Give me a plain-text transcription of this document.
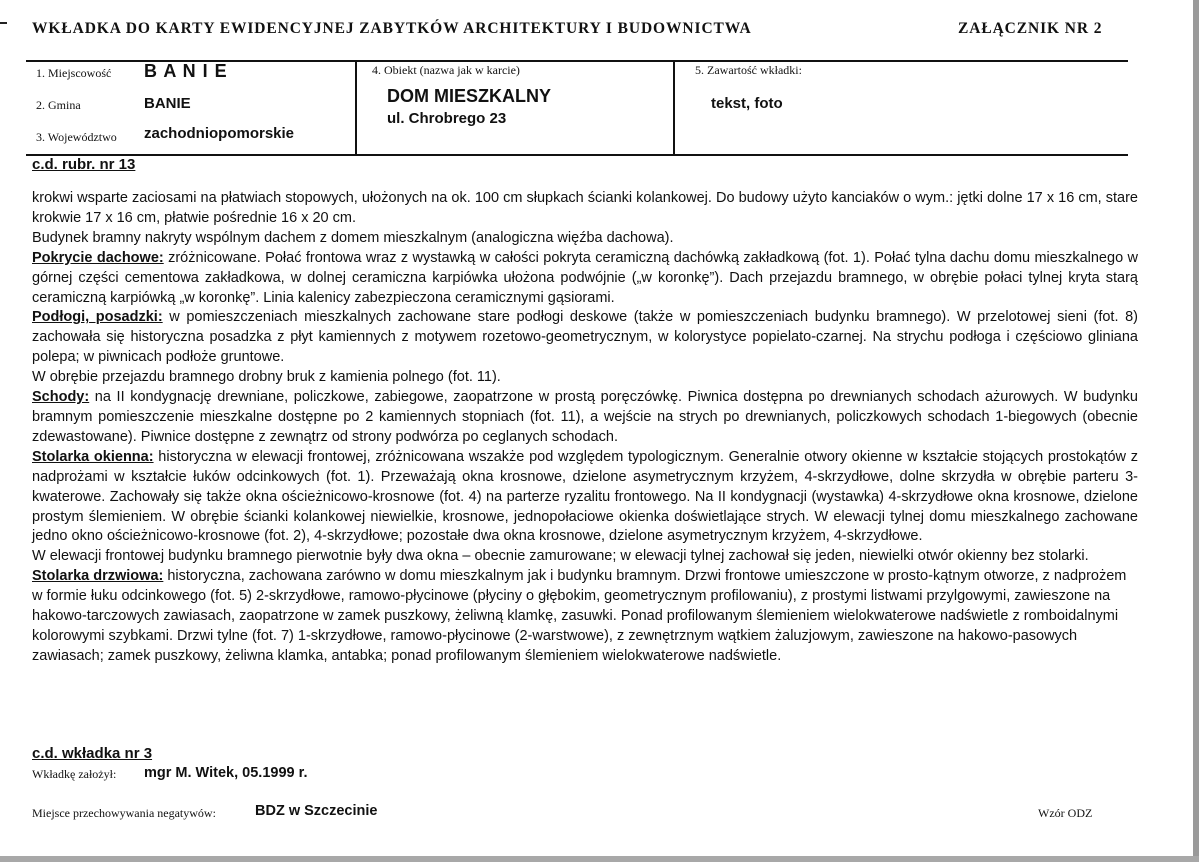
WKŁADKA DO KARTY EWIDENCYJNEJ ZABYTKÓW ARCHITEKTURY I BUDOWNICTWA	ZAŁĄCZNIK NR 2
1. Miejscowość B A N I E
2. Gmina	BANIE
3. Województwo zachodniopomorskie
4. Obiekt (nazwa jak w karcie)
DOM MIESZKALNY
ul. Chrobrego 23
5. Zawartość wkładki:
tekst, foto
c.d. rubr. nr 13

krokwi wsparte zaciosami na płatwiach stopowych, ułożonych na ok. 100 cm słupkach ścianki kolankowej. Do budowy użyto kanciaków o wym.: jętki dolne 17 x 16 cm, stare krokwie 17 x 16 cm, płatwie pośrednie 16 x 20 cm.

Budynek bramny nakryty wspólnym dachem z domem mieszkalnym (analogiczna więźba dachowa).

Pokrycie dachowe: zróżnicowane. Połać frontowa wraz z wystawką w całości pokryta ceramiczną dachówką zakładkową (fot. 1). Połać tylna dachu domu mieszkalnego w górnej części cementowa zakładkowa, w dolnej ceramiczna karpiówka ułożona podwójnie („w koronkę”). Dach przejazdu bramnego, w obrębie połaci tylnej kryta starą ceramiczną karpiówką „w koronkę”. Linia kalenicy zabezpieczona ceramicznymi gąsiorami.

Podłogi, posadzki: w pomieszczeniach mieszkalnych zachowane stare podłogi deskowe (także w pomieszczeniach budynku bramnego). W przelotowej sieni (fot. 8) zachowała się historyczna posadzka z płyt kamiennych z motywem rozetowo-geometrycznym, w kolorystyce popielato-czarnej. Na strychu podłoga i częściowo gliniana polepa; w piwnicach podłoże gruntowe.

W obrębie przejazdu bramnego drobny bruk z kamienia polnego (fot. 11).

Schody: na II kondygnację drewniane, policzkowe, zabiegowe, zaopatrzone w prostą poręczówkę. Piwnica dostępna po drewnianych schodach ażurowych. W budynku bramnym pomieszczenie mieszkalne dostępne po 2 kamiennych stopniach (fot. 11), a wejście na strych po drewnianych, policzkowych schodach 1-biegowych (obecnie zdewastowane). Piwnice dostępne z zewnątrz od strony podwórza po ceglanych schodach.

Stolarka okienna: historyczna w elewacji frontowej, zróżnicowana wszakże pod względem typologicznym. Generalnie otwory okienne w kształcie stojących prostokątów z nadprożami w kształcie łuków odcinkowych (fot. 1). Przeważają okna krosnowe, dzielone asymetrycznym krzyżem, 4-skrzydłowe, dolne skrzydła w obrębie parteru 3-kwaterowe. Zachowały się także okna ościeżnicowo-krosnowe (fot. 4) na parterze ryzalitu frontowego. Na II kondygnacji (wystawka) 4-skrzydłowe okna krosnowe, dzielone prostym ślemieniem. W obrębie ścianki kolankowej niewielkie, krosnowe, jednopołaciowe okienka doświetlające strych. W elewacji tylnej domu mieszkalnego zachowane jedno okno ościeżnicowo-krosnowe (fot. 2), 4-skrzydłowe; pozostałe dwa okna krosnowe, dzielone asymetrycznym krzyżem, 4-skrzydłowe.

W elewacji frontowej budynku bramnego pierwotnie były dwa okna – obecnie zamurowane; w elewacji tylnej zachował się jeden, niewielki otwór okienny bez stolarki.

Stolarka drzwiowa: historyczna, zachowana zarówno w domu mieszkalnym jak i budynku bramnym. Drzwi frontowe umieszczone w prosto-kątnym otworze, z nadprożem w formie łuku odcinkowego (fot. 5) 2-skrzydłowe, ramowo-płycinowe (płyciny o głębokim, geometrycznym profilowaniu), z prostymi listwami przylgowymi, zawieszone na hakowo-tarczowych zawiasach, zaopatrzone w zamek puszkowy, żeliwną klamkę, zasuwki. Ponad profilowanym ślemieniem wielokwaterowe nadświetle z romboidalnymi kolorowymi szybkami. Drzwi tylne (fot. 7) 1-skrzydłowe, ramowo-płycinowe (2-warstwowe), z zewnętrznym wątkiem żaluzjowym, zawieszone na hakowo-pasowych zawiasach; zamek puszkowy, żeliwna klamka, antabka; ponad profilowanym ślemieniem wielokwaterowe nadświetle.

c.d. wkładka nr 3
Wkładkę założył: mgr M. Witek, 05.1999 r.
Miejsce przechowywania negatywów:	BDZ w Szczecinie	Wzór ODZ
